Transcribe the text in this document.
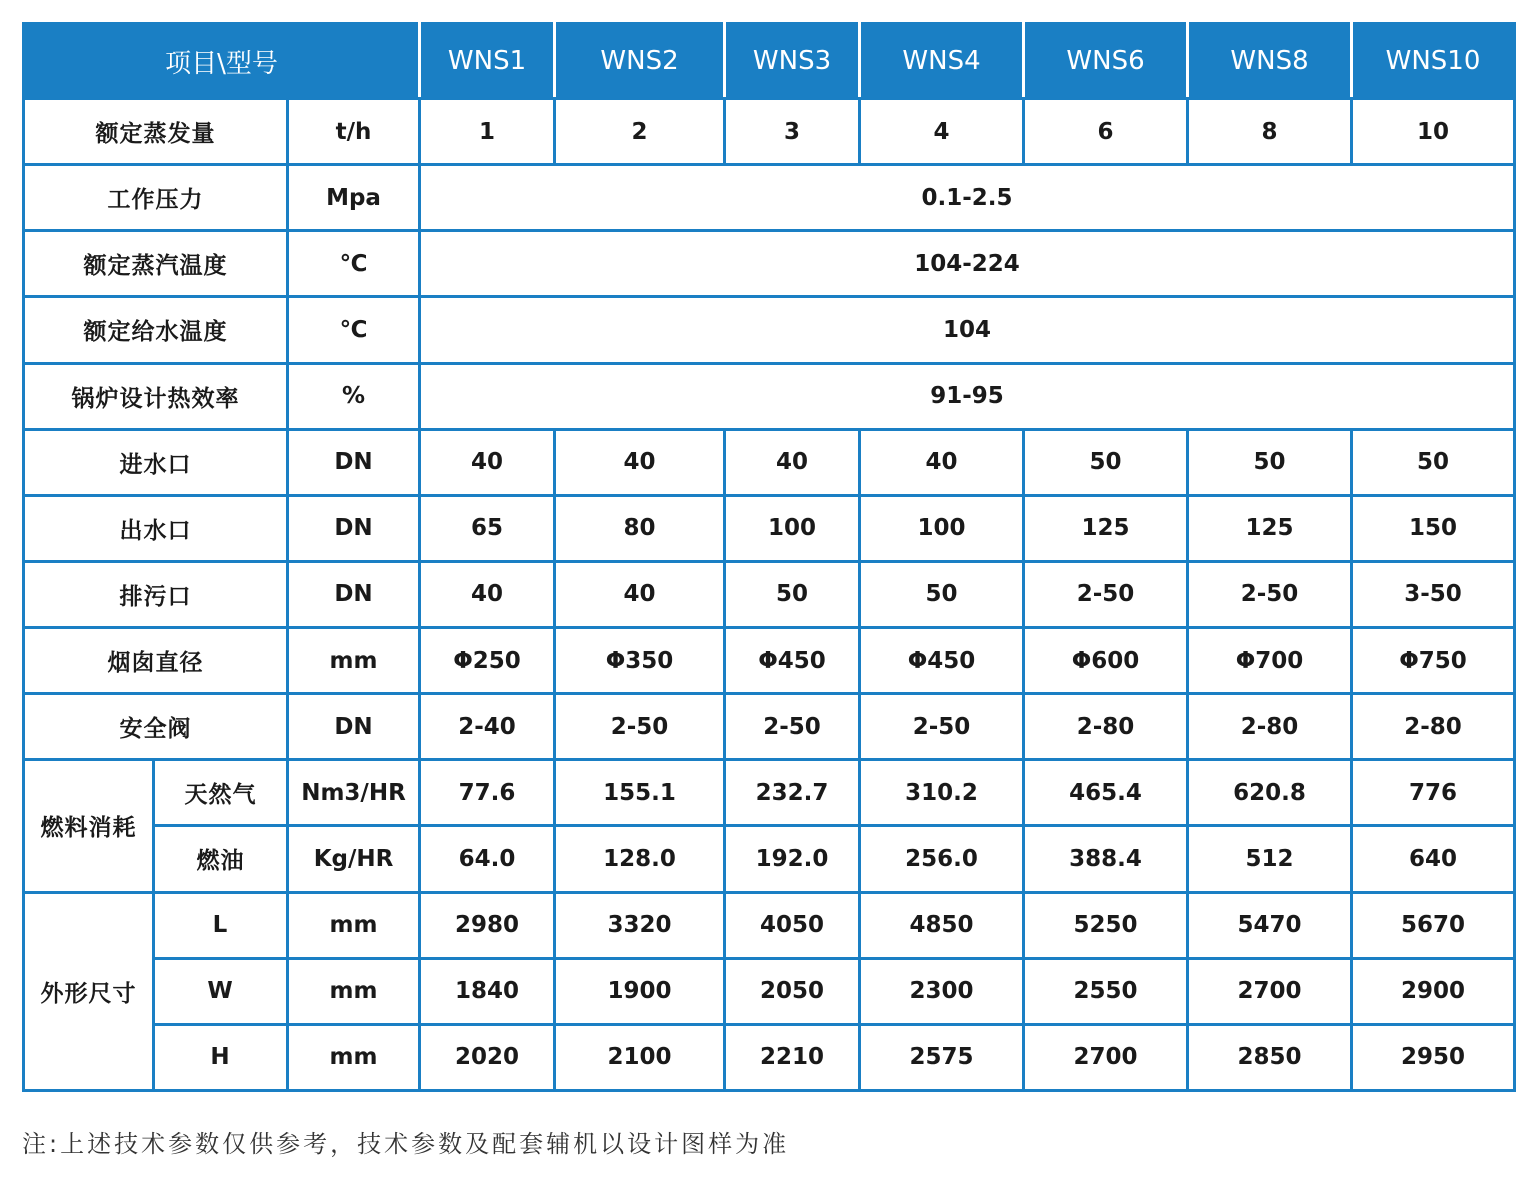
项目\型号			WNS1	WNS2	WNS3	WNS4	WNS6	WNS8	WNS10
额定蒸发量		t/h	1	2	3	4	6	8	10
工作压力		Mpa	0.1-2.5						
额定蒸汽温度		℃	104-224						
额定给水温度		℃	104						
锅炉设计热效率		%	91-95						
进水口		DN	40	40	40	40	50	50	50
出水口		DN	65	80	100	100	125	125	150
排污口		DN	40	40	50	50	2-50	2-50	3-50
烟囱直径		mm	Φ250	Φ350	Φ450	Φ450	Φ600	Φ700	Φ750
安全阀		DN	2-40	2-50	2-50	2-50	2-80	2-80	2-80
燃料消耗	天然气	Nm3/HR	77.6	155.1	232.7	310.2	465.4	620.8	776
	燃油	Kg/HR	64.0	128.0	192.0	256.0	388.4	512	640
外形尺寸	L	mm	2980	3320	4050	4850	5250	5470	5670
	W	mm	1840	1900	2050	2300	2550	2700	2900
	H	mm	2020	2100	2210	2575	2700	2850	2950
注:上述技术参数仅供参考，技术参数及配套辅机以设计图样为准
